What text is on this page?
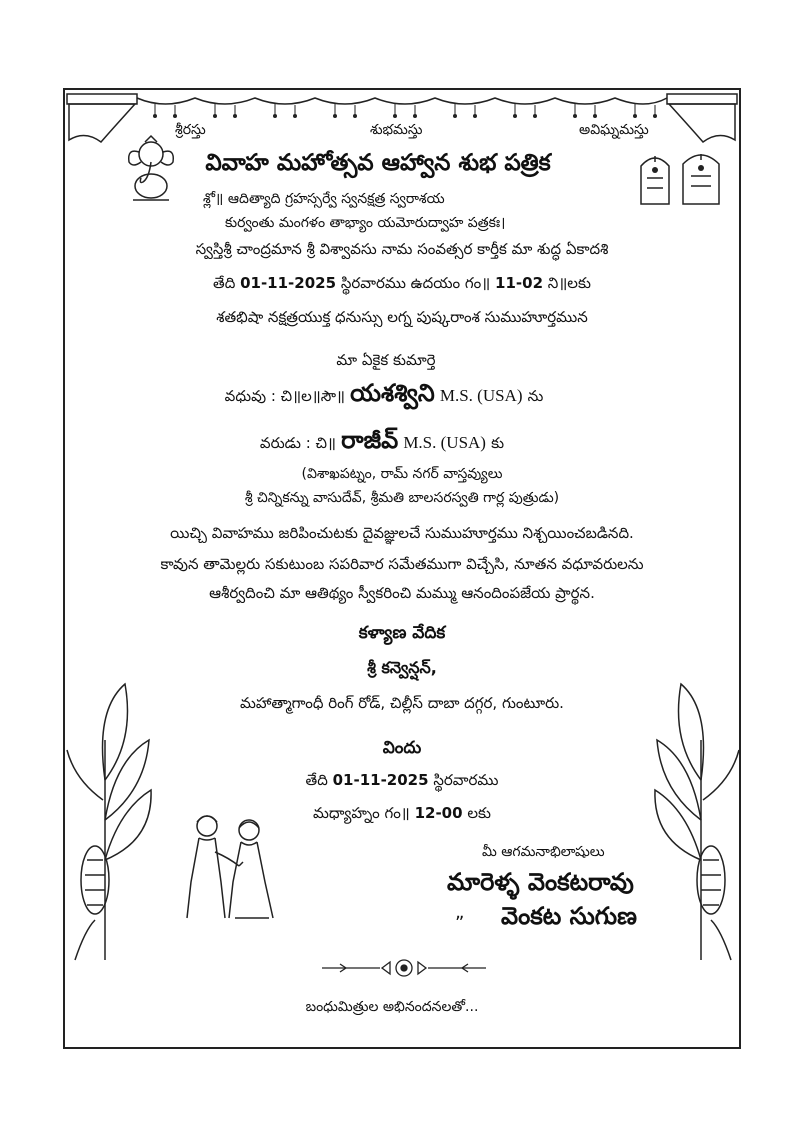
శ్రీరస్తు	శుభమస్తు	అవిఘ్నమస్తు
వివాహ మహోత్సవ ఆహ్వాన శుభ పత్రిక
శ్లో॥ ఆదిత్యాది గ్రహస్సర్వే స్వనక్షత్ర స్వరాశయ
కుర్వంతు మంగళం తాభ్యాం యమోరుద్వాహ పత్రకః।
స్వస్తిశ్రీ చాంద్రమాన శ్రీ విశ్వావసు నామ సంవత్సర కార్తీక మా శుద్ధ ఏకాదశి
తేది 01-11-2025 స్థిరవారము ఉదయం గం॥ 11-02 ని॥లకు
శతభిషా నక్షత్రయుక్త ధనుస్సు లగ్న పుష్కరాంశ సుముహూర్తమున
మా ఏకైక కుమార్తె
వధువు : చి॥ల॥సౌ॥ యశశ్విని M.S. (USA) ను
వరుడు : చి॥ రాజీవ్ M.S. (USA) కు
(విశాఖపట్నం, రామ్ నగర్ వాస్తవ్యులు
శ్రీ చిన్నికన్ను వాసుదేవ్, శ్రీమతి బాలసరస్వతి గార్ల పుత్రుడు)
యిచ్చి వివాహము జరిపించుటకు దైవజ్ఞులచే సుముహూర్తము నిశ్చయించబడినది.
కావున తామెల్లరు సకుటుంబ సపరివార సమేతముగా విచ్చేసి, నూతన వధూవరులను
ఆశీర్వదించి మా ఆతిథ్యం స్వీకరించి మమ్ము ఆనందింపజేయ ప్రార్థన.
కళ్యాణ వేదిక
శ్రీ కన్వెన్షన్,
మహాత్మాగాంధీ రింగ్ రోడ్, చిల్లీస్ దాబా దగ్గర, గుంటూరు.
విందు
తేది 01-11-2025 స్థిరవారము
మధ్యాహ్నం గం॥ 12-00 లకు
మీ ఆగమనాభిలాషులు
మారెళ్ళ వెంకటరావు
„ వెంకట సుగుణ
బంధుమిత్రుల అభినందనలతో...
